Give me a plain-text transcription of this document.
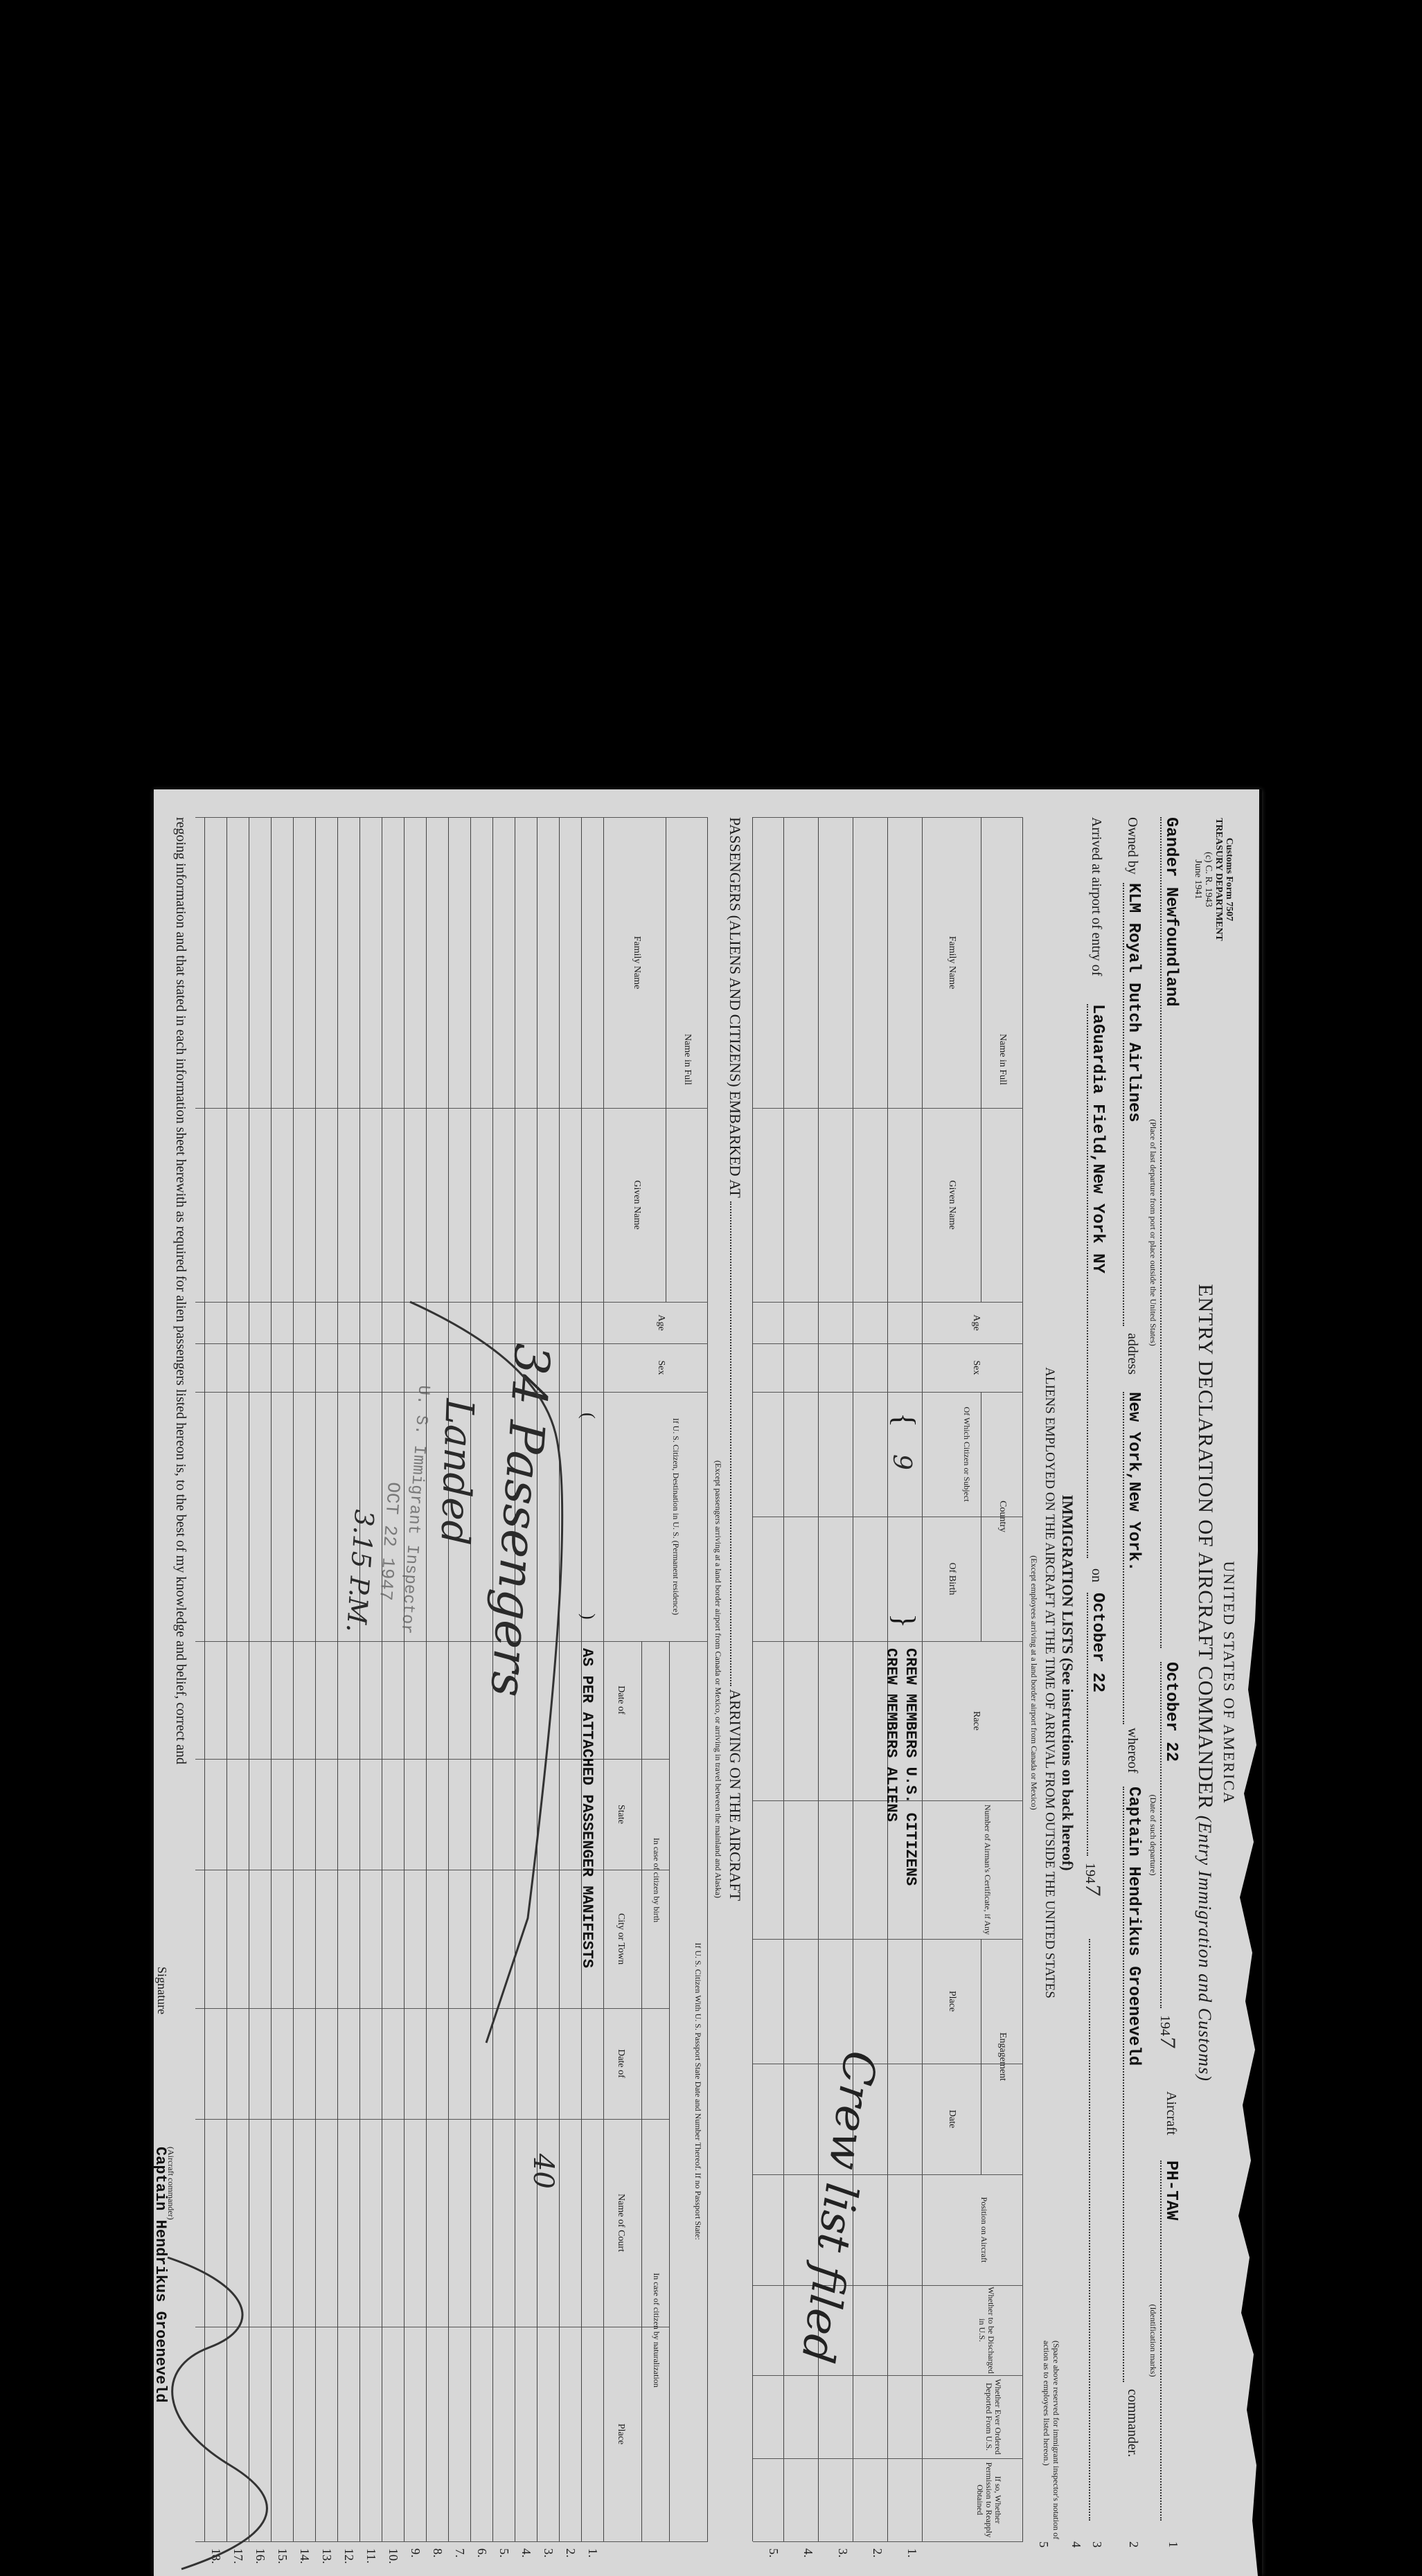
Customs Form 7507
TREASURY DEPARTMENT
(c) C. R. 1943
June 1941
UNITED STATES OF AMERICA
ENTRY DECLARATION OF AIRCRAFT COMMANDER (Entry Immigration and Customs)
Gander Newfoundland
October 22
1947
Aircraft
PH-TAW
(Place of last departure from port or place outside the United States)
(Date of such departure)
(Identification marks)
Owned by
KLM Royal Dutch Airlines
address
New York,New York.
whereof
Captain Hendrikus Groeneveld
commander.
Arrived at airport of entry of
LaGuardia Field,New York NY
on
October 22
1947
1
2
3
4
5
IMMIGRATION LISTS (See instructions on back hereof)
ALIENS EMPLOYED ON THE AIRCRAFT AT THE TIME OF ARRIVAL FROM OUTSIDE THE UNITED STATES
(Except employees arriving at a land border airport from Canada or Mexico)
(Space above reserved for immigrant inspector's notation of action as to employees listed hereon.)
Name in Full
Family Name
Given Name
Age
Sex
Country
Of Which Citizen or Subject
Of Birth
Race
Number of Airman's Certificate, if Any
Engagement
Place
Date
Position on Aircraft
Whether to be Discharged in U.S.
Whether Ever Ordered Deported From U.S.
If so, Whether Permission to Reapply Obtained
{
9
}
CREW MEMBERS U.S. CITIZENS
CREW MEMBERS ALIENS
Crew list filed
1.
2.
3.
4.
5.
PASSENGERS (ALIENS AND CITIZENS) EMBARKED AT  ARRIVING ON THE AIRCRAFT
(Except passengers arriving at a land border airport from Canada or Mexico, or arriving in travel between the mainland and Alaska)
Name in Full
Family Name
Given Name
Age
Sex
If U. S. Citizen, Destination in U. S. (Permanent residence)
If U. S. Citizen With U. S. Passport State Date and Number Thereof. If no Passport State:
In case of citizen by birth
In case of citizen by naturalization
Date of
State
City or Town
Date of
Name of Court
Place
1.
2.
3.
4.
5.
6.
7.
8.
9.
10.
11.
12.
13.
14.
15.
16.
17.
18.
(
)
AS PER ATTACHED PASSENGER MANIFESTS
34 Passengers
Landed
40
U. S. Immigrant Inspector
OCT 22 1947
3.15 P.M.
regoing information and that stated in each information sheet herewith as required for alien passengers listed hereon is, to the best of my knowledge and belief, correct and
Signature
(Aircraft commander)
Captain Hendrikus Groeneveld
